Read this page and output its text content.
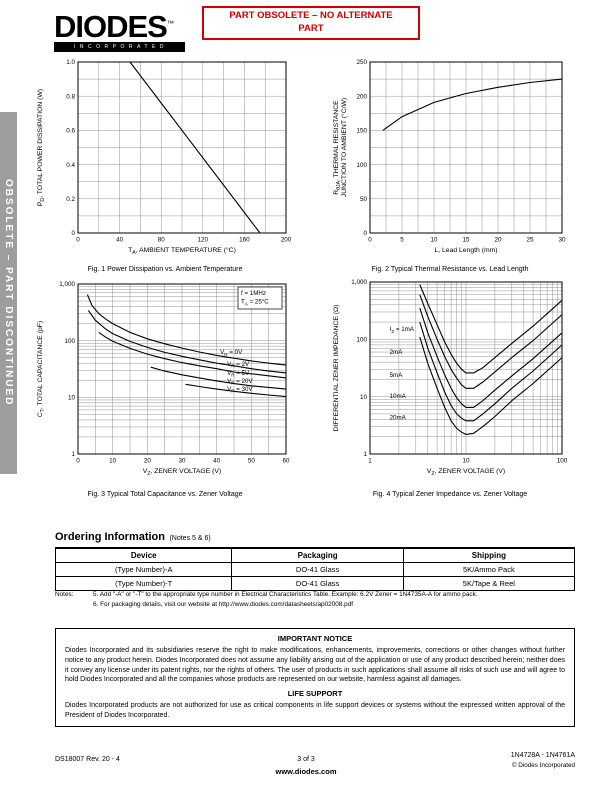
OBSOLETE – PART DISCONTINUED
DIODES™
INCORPORATED
PART OBSOLETE – NO ALTERNATE
PART
0	40	80	120	160	200
0
0.2
0.4
0.6
0.8
1.0
$T_A$, AMBIENT TEMPERATURE (°C)
$P_D$, TOTAL POWER DISSIPATION (W)
Fig. 1 Power Dissipation vs. Ambient Temperature
0	5	10	15	20	25	30
0
50
100
150
200
250
L, Lead Length (mm)
$R_{\theta JA}$, THERMAL RESISTANCE JUNCTION TO AMBIENT (°C/W)
Fig. 2 Typical Thermal Resistance vs. Lead Length
0	10	20	30	40	50	60
1
10
100
1,000
$V_Z$, ZENER VOLTAGE (V)
$C_T$, TOTAL CAPACITANCE (pF)	$V_R = 0V$
$V_R = 2V$
$V_R = 5V$
$V_R = 20V$
$V_R = 30V$
f = 1MHz
$T_A = 25^\circ C$
Fig. 3 Typical Total Capacitance vs. Zener Voltage
1	10	100
1
10
100
1,000
$V_Z$, ZENER VOLTAGE (V)
DIFFERENTIAL ZENER IMPEDANCE (Ω)	$I_Z = 1mA$
2mA
5mA
10mA
20mA
Fig. 4 Typical Zener Impedance vs. Zener Voltage
Ordering Information (Notes 5 & 6)
Device	Packaging	Shipping
(Type Number)-A	DO-41 Glass	5K/Ammo Pack
(Type Number)-T	DO-41 Glass	5K/Tape & Reel
Notes:	5. Add "-A" or "-T" to the appropriate type number in Electrical Characteristics Table. Example: 6.2V Zener = 1N4735A-A for ammo pack.
6. For packaging details, visit our website at http://www.diodes.com/datasheets/ap02008.pdf
IMPORTANT NOTICE

Diodes Incorporated and its subsidiaries reserve the right to make modifications, enhancements, improvements, corrections or other changes without further notice to any product herein. Diodes Incorporated does not assume any liability arising out of the application or use of any product described herein; neither does it convey any license under its patent rights, nor the rights of others. The user of products in such applications shall assume all risks of such use and will agree to hold Diodes Incorporated and all the companies whose products are represented on our website, harmless against all damages.

LIFE SUPPORT

Diodes Incorporated products are not authorized for use as critical components in life support devices or systems without the expressed written approval of the President of Diodes Incorporated.

DS18007 Rev. 20 - 4	3 of 3
www.diodes.com
1N4728A - 1N4761A
© Diodes Incorporated
